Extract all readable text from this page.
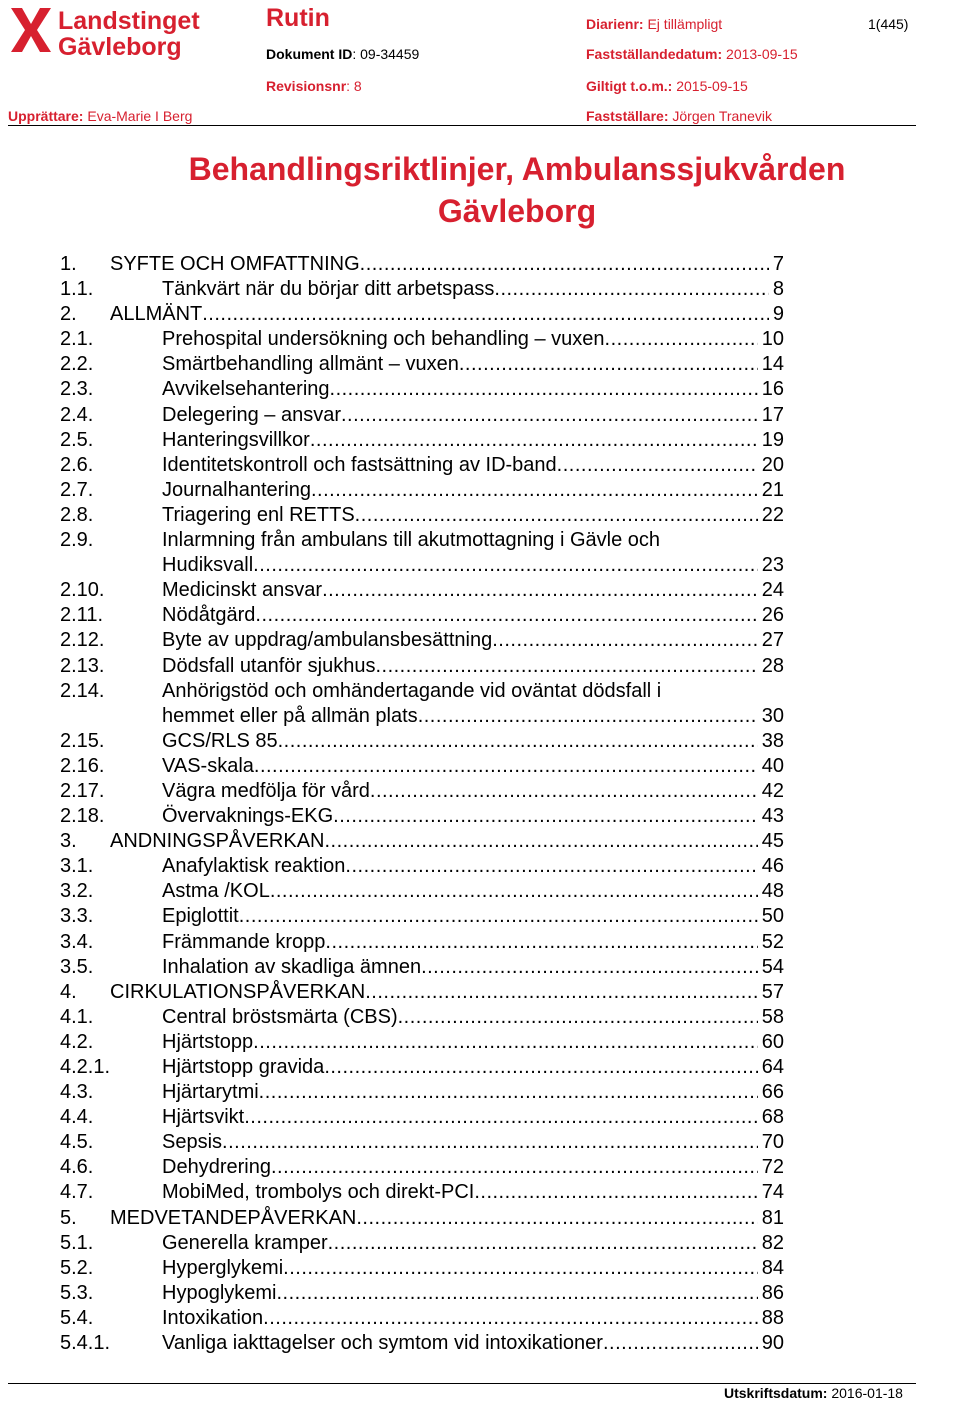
Landstinget
Gävleborg
Rutin
Dokument ID: 09-34459
Revisionsnr: 8
Upprättare: Eva-Marie I Berg
Diarienr: Ej tillämpligt	1(445)
Fastställandedatum: 2013-09-15
Giltigt t.o.m.: 2015-09-15
Fastställare: Jörgen Tranevik
Behandlingsriktlinjer, Ambulanssjukvården
Gävleborg
1.	SYFTE OCH OMFATTNING .....	7
1.1.	Tänkvärt när du börjar ditt arbetspass .....	8
2.	ALLMÄNT .....	9
2.1.	Prehospital undersökning och behandling – vuxen .....	10
2.2.	Smärtbehandling allmänt – vuxen .....	14
2.3.	Avvikelsehantering .....	16
2.4.	Delegering – ansvar .....	17
2.5.	Hanteringsvillkor .....	19
2.6.	Identitetskontroll och fastsättning av ID-band .....	20
2.7.	Journalhantering .....	21
2.8.	Triagering enl RETTS .....	22
2.9.	Inlarmning från ambulans till akutmottagning i Gävle och
Hudiksvall .....	23
2.10.	Medicinskt ansvar .....	24
2.11.	Nödåtgärd .....	26
2.12.	Byte av uppdrag/ambulansbesättning .....	27
2.13.	Dödsfall utanför sjukhus .....	28
2.14.	Anhörigstöd och omhändertagande vid oväntat dödsfall i
hemmet eller på allmän plats .....	30
2.15.	GCS/RLS 85 .....	38
2.16.	VAS-skala .....	40
2.17.	Vägra medfölja för vård .....	42
2.18.	Övervaknings-EKG .....	43
3.	ANDNINGSPÅVERKAN .....	45
3.1.	Anafylaktisk reaktion .....	46
3.2.	Astma /KOL .....	48
3.3.	Epiglottit .....	50
3.4.	Främmande kropp .....	52
3.5.	Inhalation av skadliga ämnen .....	54
4.	CIRKULATIONSPÅVERKAN .....	57
4.1.	Central bröstsmärta (CBS) .....	58
4.2.	Hjärtstopp .....	60
4.2.1.	Hjärtstopp gravida .....	64
4.3.	Hjärtarytmi .....	66
4.4.	Hjärtsvikt .....	68
4.5.	Sepsis .....	70
4.6.	Dehydrering .....	72
4.7.	MobiMed, trombolys och direkt-PCI .....	74
5.	MEDVETANDEPÅVERKAN .....	81
5.1.	Generella kramper .....	82
5.2.	Hyperglykemi .....	84
5.3.	Hypoglykemi .....	86
5.4.	Intoxikation .....	88
5.4.1.	Vanliga iakttagelser och symtom vid intoxikationer .....	90
Utskriftsdatum: 2016-01-18
